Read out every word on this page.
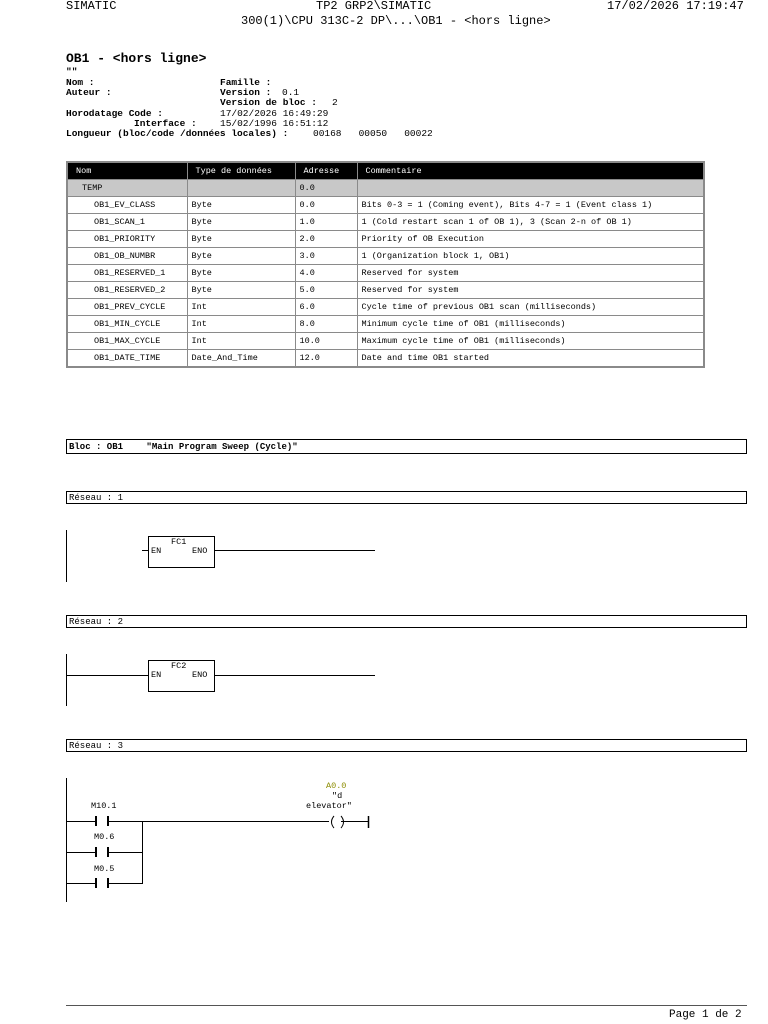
SIMATIC	TP2 GRP2\SIMATIC	17/02/2026 17:19:47
300(1)\CPU 313C-2 DP\...\OB1 - <hors ligne>
OB1 - <hors ligne>
""
Nom :	Famille :
Auteur :	Version : 0.1
Version de bloc : 2
Horodatage Code :	17/02/2026 16:49:29
Interface : 15/02/1996 16:51:12
Longueur (bloc/code /données locales) :	00168   00050   00022
Nom	Type de données	Adresse	Commentaire
TEMP		0.0	
OB1_EV_CLASS	Byte	0.0	Bits 0-3 = 1 (Coming event), Bits 4-7 = 1 (Event class 1)
OB1_SCAN_1	Byte	1.0	1 (Cold restart scan 1 of OB 1), 3 (Scan 2-n of OB 1)
OB1_PRIORITY	Byte	2.0	Priority of OB Execution
OB1_OB_NUMBR	Byte	3.0	1 (Organization block 1, OB1)
OB1_RESERVED_1	Byte	4.0	Reserved for system
OB1_RESERVED_2	Byte	5.0	Reserved for system
OB1_PREV_CYCLE	Int	6.0	Cycle time of previous OB1 scan (milliseconds)
OB1_MIN_CYCLE	Int	8.0	Minimum cycle time of OB1 (milliseconds)
OB1_MAX_CYCLE	Int	10.0	Maximum cycle time of OB1 (milliseconds)
OB1_DATE_TIME	Date_And_Time	12.0	Date and time OB1 started
Bloc : OB1	"Main Program Sweep (Cycle)"
Réseau : 1
FC1
EN	ENO
Réseau : 2
FC2
EN	ENO
Réseau : 3
M10.1
M0.6
M0.5
A0.0
"d
elevator"
Page 1 de 2
